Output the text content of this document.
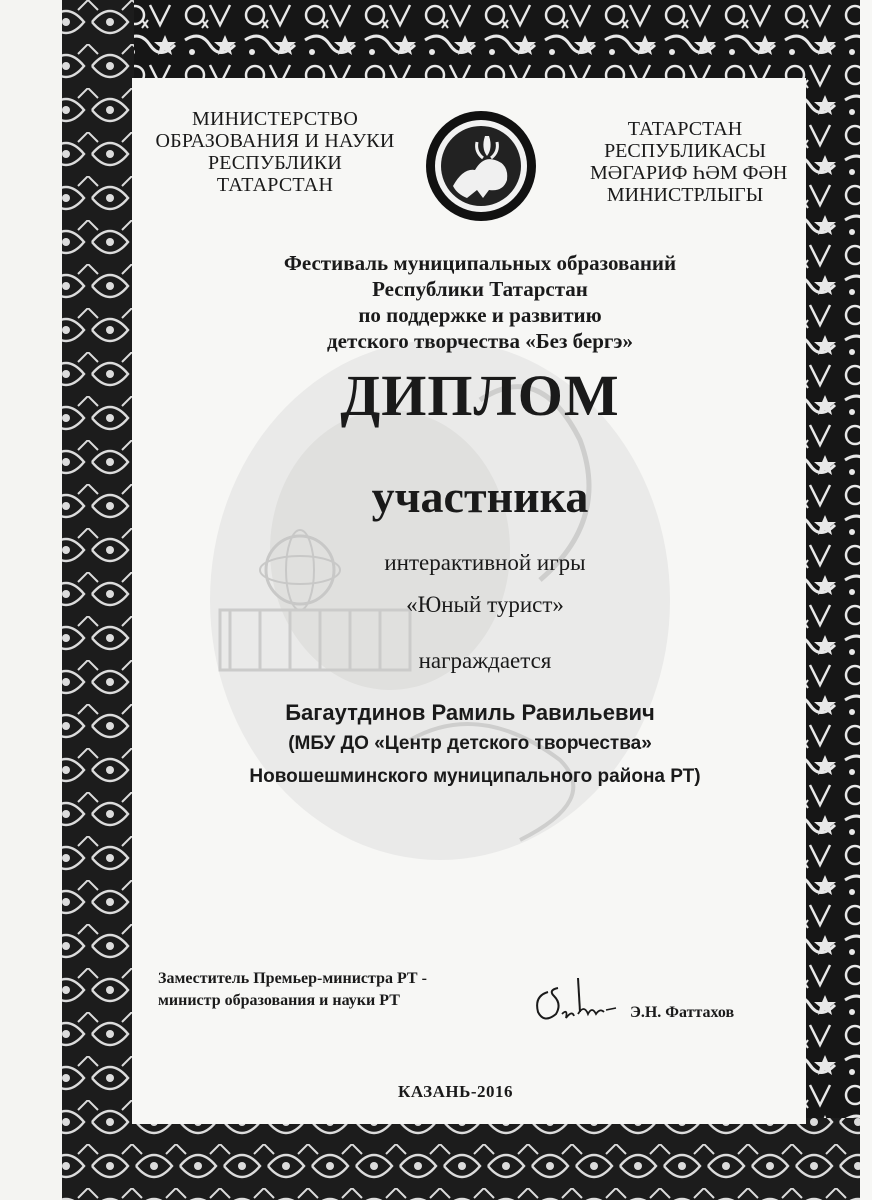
МИНИСТЕРСТВО
ОБРАЗОВАНИЯ И НАУКИ
РЕСПУБЛИКИ
ТАТАРСТАН
ТАТАРСТАН
РЕСПУБЛИКАСЫ
МӘГАРИФ ҺӘМ ФӘН
МИНИСТРЛЫГЫ
Фестиваль муниципальных образований
Республики Татарстан
по поддержке и развитию
детского творчества «Без бергэ»
ДИПЛОМ
участника
интерактивной игры
«Юный турист»
награждается
Багаутдинов Рамиль Равильевич
(МБУ ДО «Центр детского творчества»
Новошешминского муниципального района РТ)
Заместитель Премьер-министра РТ -
министр образования и науки РТ
Э.Н. Фаттахов
КАЗАНЬ-2016
